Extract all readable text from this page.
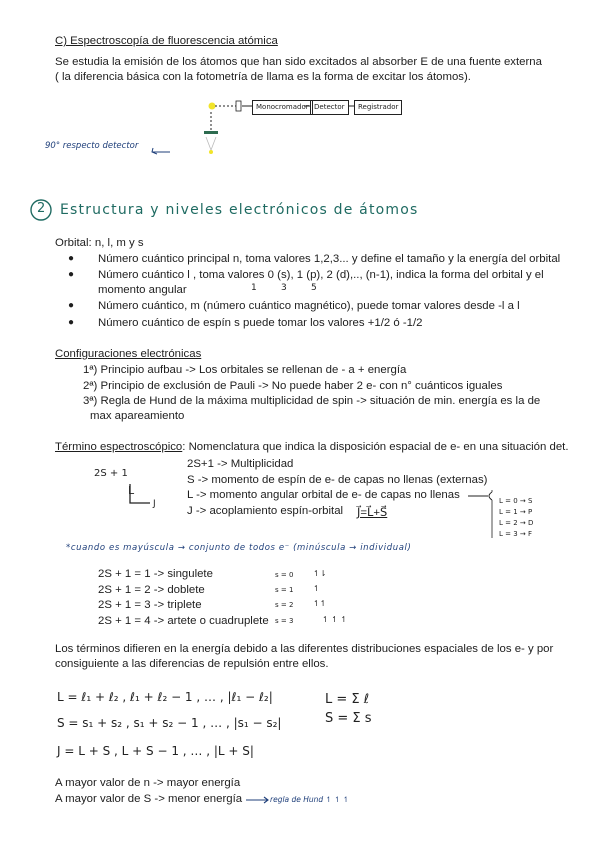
C) Espectroscopía de fluorescencia atómica
Se estudia la emisión de los átomos que han sido excitados al absorber E de una fuente externa
( la diferencia básica con la fotometría de llama es la forma de excitar los átomos).
Monocromador Detector	Registrador
90° respecto detector
2 Estructura y niveles electrónicos de átomos
Orbital: n, l, m y s
● Número cuántico principal n, toma valores 1,2,3... y define el tamaño y la energía del orbital
● Número cuántico l , toma valores 0 (s), 1 (p), 2 (d),.., (n-1), indica la forma del orbital y el
momento angular	1	3	5
● Número cuántico, m (número cuántico magnético), puede tomar valores desde -l a l
● Número cuántico de espín s puede tomar los valores +1/2 ó -1/2
Configuraciones electrónicas
1ª) Principio aufbau -> Los orbitales se rellenan de - a + energía
2ª) Principio de exclusión de Pauli -> No puede haber 2 e- con n° cuánticos iguales
3ª) Regla de Hund de la máxima multiplicidad de spin -> situación de min. energía es la de
max apareamiento
Término espectroscópico: Nomenclatura que indica la disposición espacial de e- en una situación det.
2S+1 -> Multiplicidad
S -> momento de espín de e- de capas no llenas (externas)
L -> momento angular orbital de e- de capas no llenas
J -> acoplamiento espín-orbital J⃗=L⃗+S⃗
2S + 1
L
J	L = 0 → S
L = 1 → P
L = 2 → D
L = 3 → F
*cuando es mayúscula → conjunto de todos e⁻ (minúscula → individual)
2S + 1 = 1 -> singulete
2S + 1 = 2 -> doblete
2S + 1 = 3 -> triplete
2S + 1 = 4 -> artete o cuadruplete
s = 0
s = 1
s = 2
s = 3
↿⇂
↿
↿↿
↿ ↿ ↿
Los términos difieren en la energía debido a las diferentes distribuciones espaciales de los e- y por
consiguiente a las diferencias de repulsión entre ellos.
L = ℓ₁ + ℓ₂ , ℓ₁ + ℓ₂ − 1 , … , |ℓ₁ − ℓ₂|
S = s₁ + s₂ , s₁ + s₂ − 1 , … , |s₁ − s₂|
J = L + S , L + S − 1 , … , |L + S|
L = Σ ℓ
S = Σ s
A mayor valor de n -> mayor energía
A mayor valor de S -> menor energía	regla de Hund ↿ ↿ ↿
